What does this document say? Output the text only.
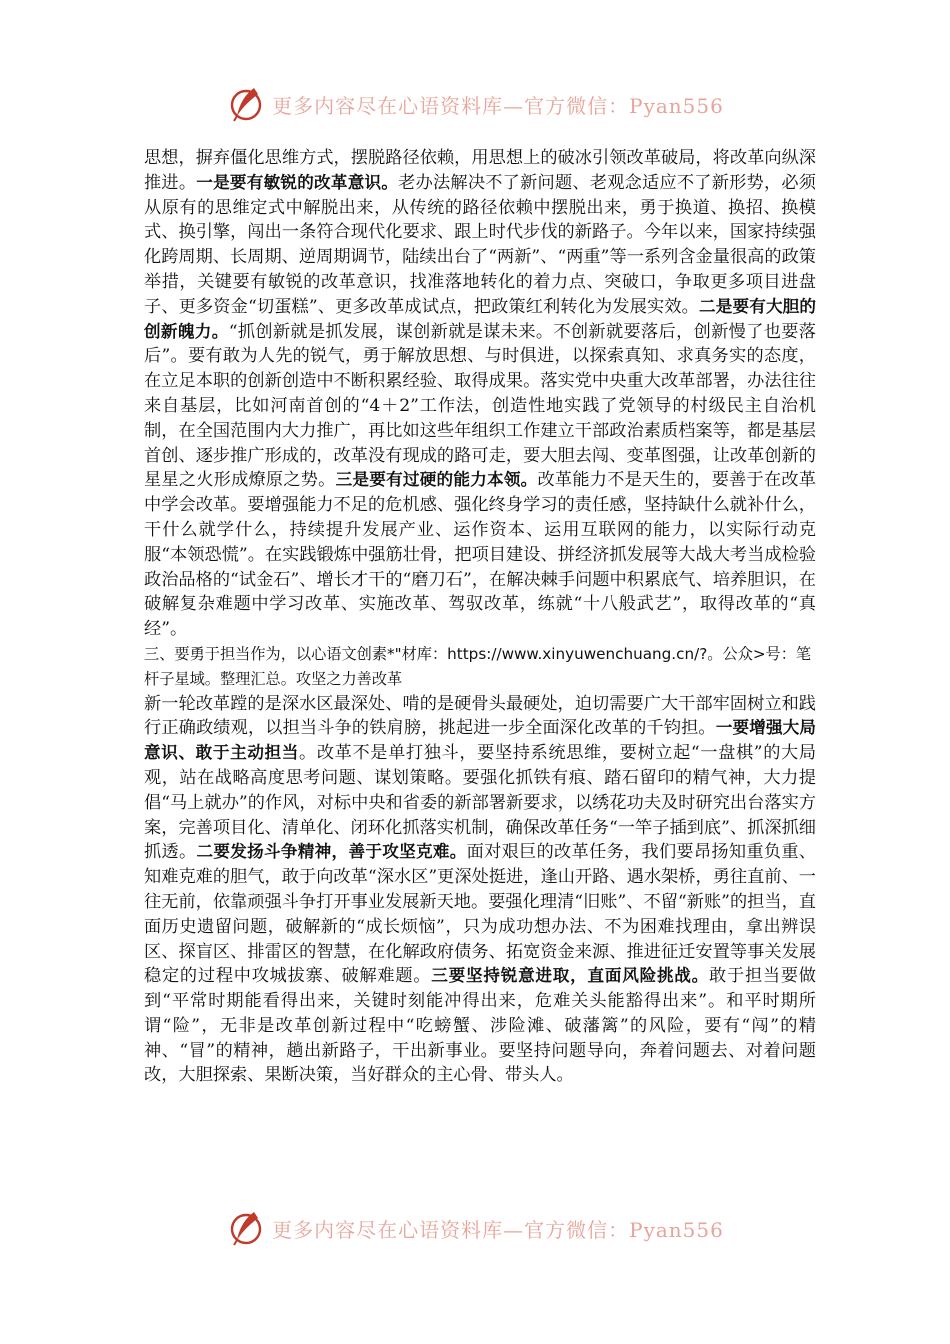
更多内容尽在心语资料库—官方微信：Pyan556

思想，摒弃僵化思维方式，摆脱路径依赖，用思想上的破冰引领改革破局，将改革向纵深推进。一是要有敏锐的改革意识。老办法解决不了新问题、老观念适应不了新形势，必须从原有的思维定式中解脱出来，从传统的路径依赖中摆脱出来，勇于换道、换招、换模式、换引擎，闯出一条符合现代化要求、跟上时代步伐的新路子。今年以来，国家持续强化跨周期、长周期、逆周期调节，陆续出台了“两新”、“两重”等一系列含金量很高的政策举措，关键要有敏锐的改革意识，找准落地转化的着力点、突破口，争取更多项目进盘子、更多资金“切蛋糕”、更多改革成试点，把政策红利转化为发展实效。二是要有大胆的创新魄力。“抓创新就是抓发展，谋创新就是谋未来。不创新就要落后，创新慢了也要落后”。要有敢为人先的锐气，勇于解放思想、与时俱进，以探索真知、求真务实的态度，在立足本职的创新创造中不断积累经验、取得成果。落实党中央重大改革部署，办法往往来自基层，比如河南首创的“4＋2”工作法，创造性地实践了党领导的村级民主自治机制，在全国范围内大力推广，再比如这些年组织工作建立干部政治素质档案等，都是基层首创、逐步推广形成的，改革没有现成的路可走，要大胆去闯、变革图强，让改革创新的星星之火形成燎原之势。三是要有过硬的能力本领。改革能力不是天生的，要善于在改革中学会改革。要增强能力不足的危机感、强化终身学习的责任感，坚持缺什么就补什么，干什么就学什么，持续提升发展产业、运作资本、运用互联网的能力，以实际行动克服“本领恐慌”。在实践锻炼中强筋壮骨，把项目建设、拼经济抓发展等大战大考当成检验政治品格的“试金石”、增长才干的“磨刀石”，在解决棘手问题中积累底气、培养胆识，在破解复杂难题中学习改革、实施改革、驾驭改革，练就“十八般武艺”，取得改革的“真经”。

三、要勇于担当作为，以心语文创素*"材库：https://www.xinyuwenchuang.cn/?。公众>号：笔杆子星域。整理汇总。攻坚之力善改革

新一轮改革蹚的是深水区最深处、啃的是硬骨头最硬处，迫切需要广大干部牢固树立和践行正确政绩观，以担当斗争的铁肩膀，挑起进一步全面深化改革的千钧担。一要增强大局意识、敢于主动担当。改革不是单打独斗，要坚持系统思维，要树立起“一盘棋”的大局观，站在战略高度思考问题、谋划策略。要强化抓铁有痕、踏石留印的精气神，大力提倡“马上就办”的作风，对标中央和省委的新部署新要求，以绣花功夫及时研究出台落实方案，完善项目化、清单化、闭环化抓落实机制，确保改革任务“一竿子插到底”、抓深抓细抓透。二要发扬斗争精神，善于攻坚克难。面对艰巨的改革任务，我们要昂扬知重负重、知难克难的胆气，敢于向改革“深水区”更深处挺进，逢山开路、遇水架桥，勇往直前、一往无前，依靠顽强斗争打开事业发展新天地。要强化理清“旧账”、不留“新账”的担当，直面历史遗留问题，破解新的“成长烦恼”，只为成功想办法、不为困难找理由，拿出辨误区、探盲区、排雷区的智慧，在化解政府债务、拓宽资金来源、推进征迁安置等事关发展稳定的过程中攻城拔寨、破解难题。三要坚持锐意进取，直面风险挑战。敢于担当要做到“平常时期能看得出来，关键时刻能冲得出来，危难关头能豁得出来”。和平时期所谓“险”，无非是改革创新过程中“吃螃蟹、涉险滩、破藩篱”的风险，要有“闯”的精神、“冒”的精神，趟出新路子，干出新事业。要坚持问题导向，奔着问题去、对着问题改，大胆探索、果断决策，当好群众的主心骨、带头人。

更多内容尽在心语资料库—官方微信：Pyan556
